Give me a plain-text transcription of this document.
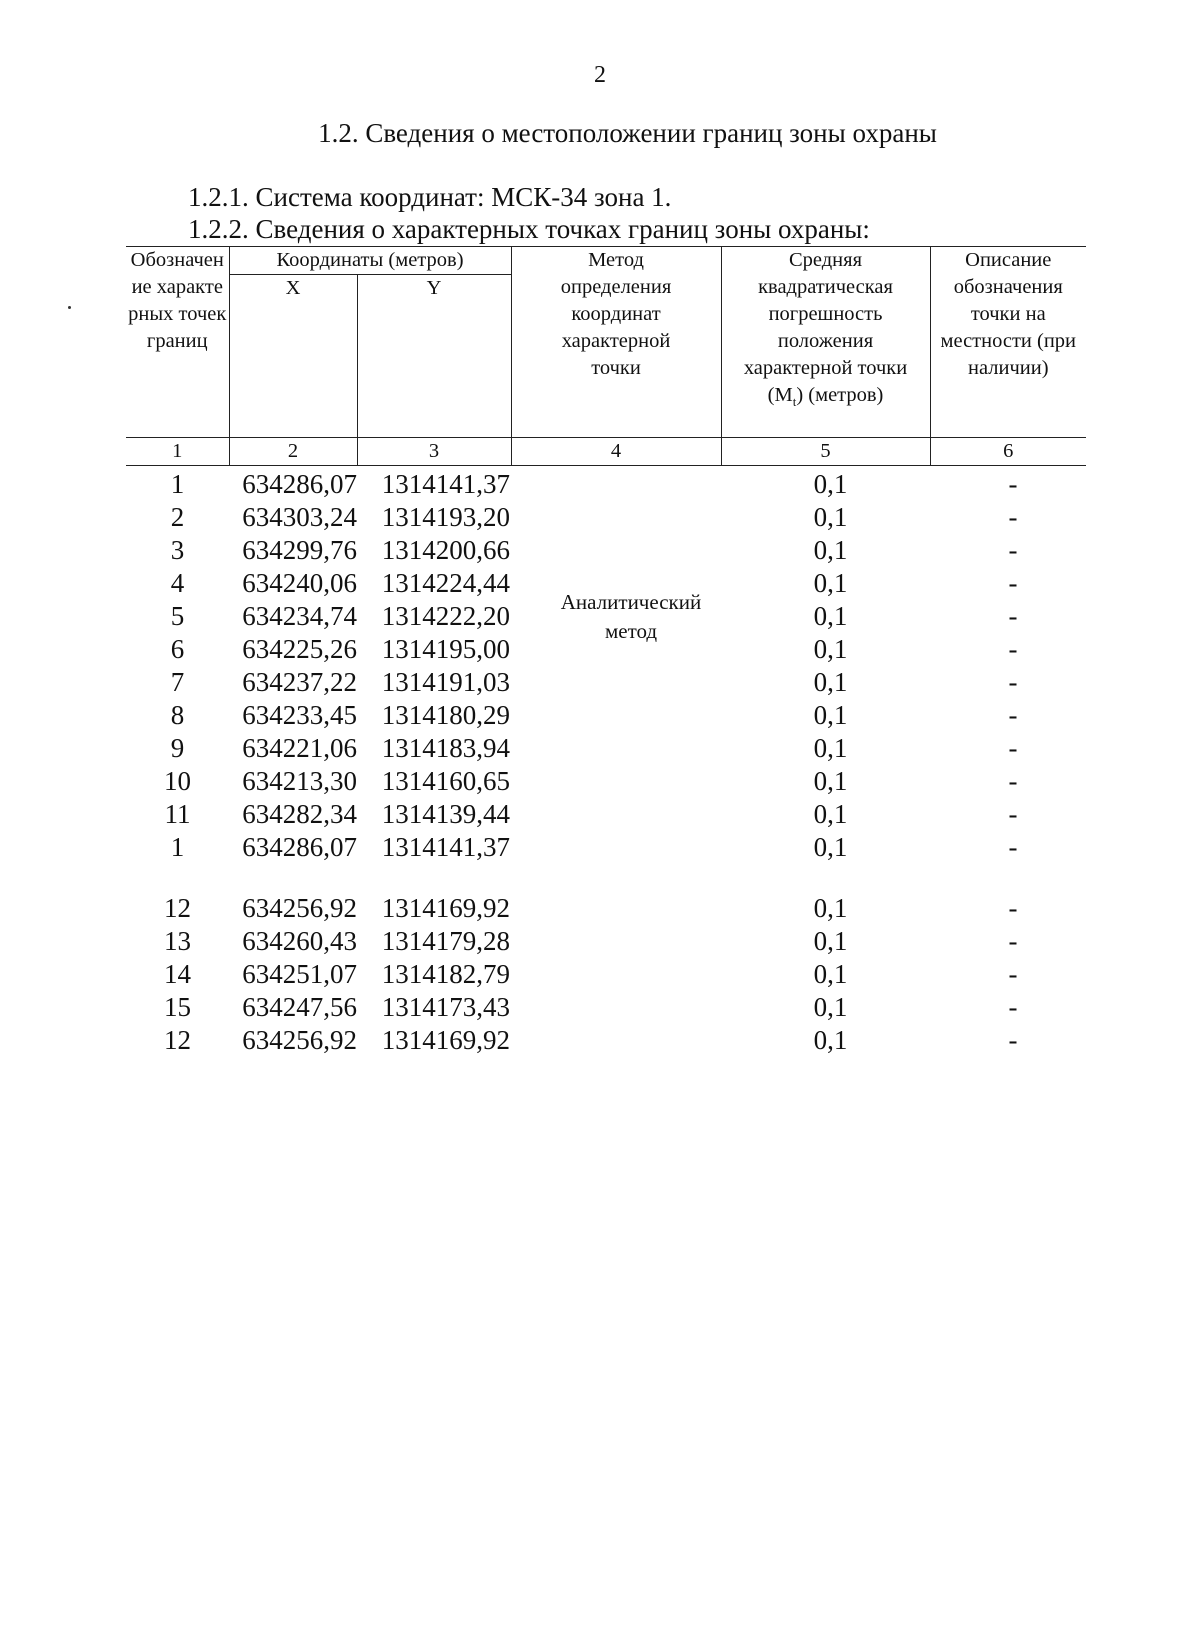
2
1.2. Сведения о местоположении границ зоны охраны
1.2.1. Система координат: МСК-34 зона 1.
1.2.2. Сведения о характерных точках границ зоны охраны:
Обозначение характерных точек границ	Координаты (метров)		Метод определения координат характерной точки	Средняя квадратическая погрешность положения характерной точки $(M_t)$ (метров)	Описание обозначения точки на местности (при наличии)

	X	Y			
1	2	3	4	5	6
Аналитический метод
1	634286,07 1314141,37	0,1	-
2	634303,24 1314193,20	0,1	-
3	634299,76 1314200,66	0,1	-
4	634240,06 1314224,44	0,1	-
5	634234,74 1314222,20	0,1	-
6	634225,26 1314195,00	0,1	-
7	634237,22 1314191,03	0,1	-
8	634233,45 1314180,29	0,1	-
9	634221,06 1314183,94	0,1	-
10	634213,30 1314160,65	0,1	-
11	634282,34 1314139,44	0,1	-
1	634286,07 1314141,37	0,1	-
12	634256,92 1314169,92	0,1	-
13	634260,43 1314179,28	0,1	-
14	634251,07 1314182,79	0,1	-
15	634247,56 1314173,43	0,1	-
12	634256,92 1314169,92	0,1	-
